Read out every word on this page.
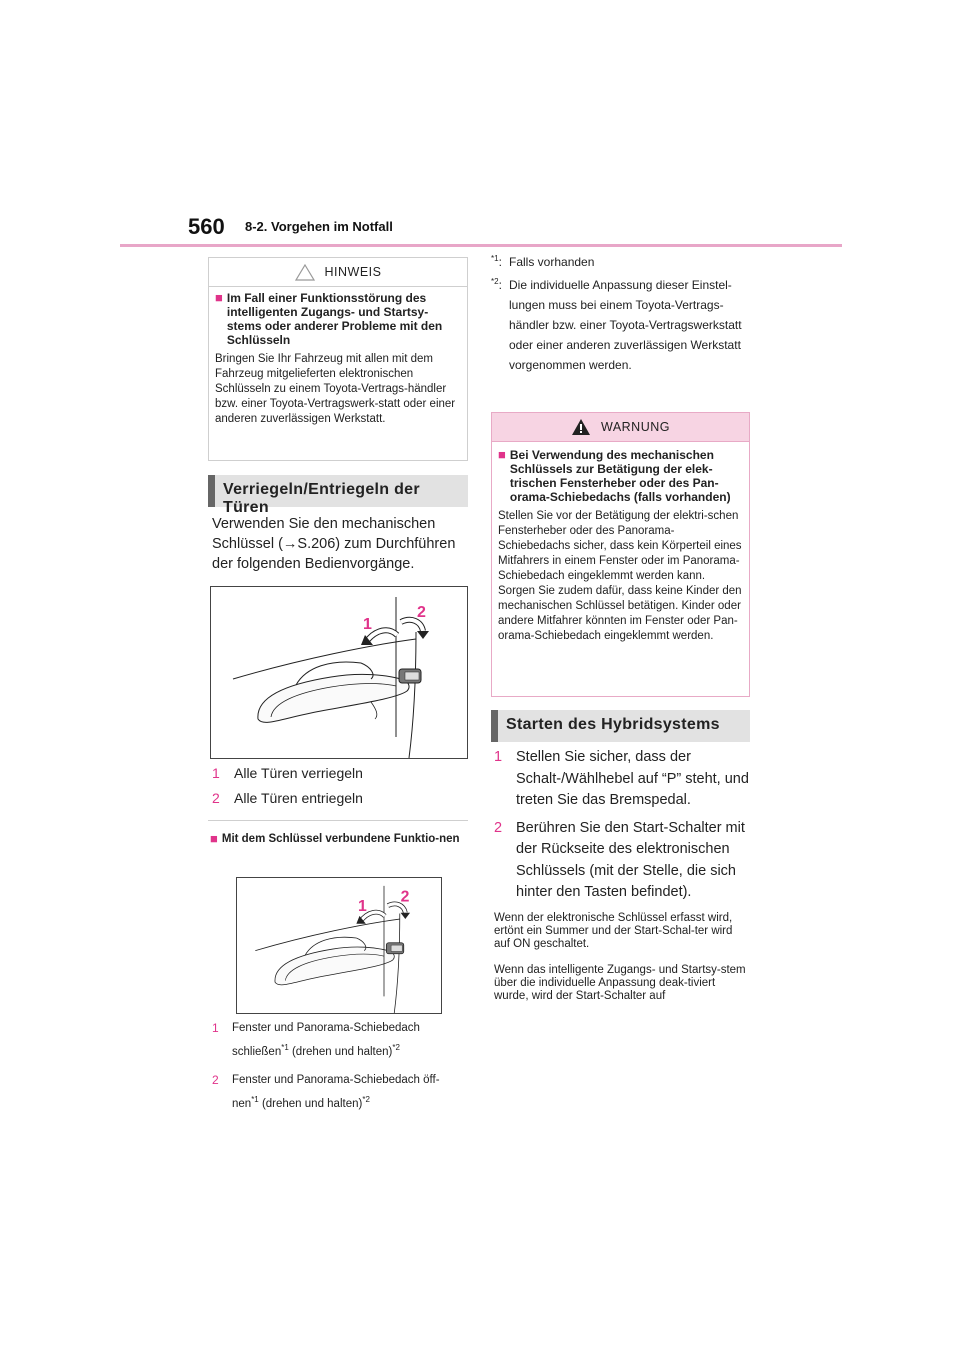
560 8-2. Vorgehen im Notfall
HINWEIS
■ Im Fall einer Funktionsstörung des intelligenten Zugangs- und Startsy-stems oder anderer Probleme mit den Schlüsseln
Bringen Sie Ihr Fahrzeug mit allen mit dem Fahrzeug mitgelieferten elektronischen Schlüsseln zu einem Toyota-Vertrags-händler bzw. einer Toyota-Vertragswerk-statt oder einer anderen zuverlässigen Werkstatt.
Verriegeln/Entriegeln der Türen
Verwenden Sie den mechanischen Schlüssel (→S.206) zum Durchführen der folgenden Bedienvorgänge.
1
2
1	Alle Türen verriegeln
2	Alle Türen entriegeln
■ Mit dem Schlüssel verbundene Funktio-nen
1
2
1	Fenster und Panorama-Schiebedach
schließen$^{*1}$ (drehen und halten)$^{*2}$
2	Fenster und Panorama-Schiebedach öff-
nen$^{*1}$ (drehen und halten)$^{*2}$
$^{*1}$: Falls vorhanden
$^{*2}$: Die individuelle Anpassung dieser Einstel-lungen muss bei einem Toyota-Vertrags-händler bzw. einer Toyota-Vertragswerkstatt oder einer anderen zuverlässigen Werkstatt vorgenommen werden.
WARNUNG
■ Bei Verwendung des mechanischen Schlüssels zur Betätigung der elek-trischen Fensterheber oder des Pan-orama-Schiebedachs (falls vorhanden)
Stellen Sie vor der Betätigung der elektri-schen Fensterheber oder des Panorama-Schiebedachs sicher, dass kein Körperteil eines Mitfahrers in einem Fenster oder im Panorama-Schiebedach eingeklemmt werden kann. Sorgen Sie zudem dafür, dass keine Kinder den mechanischen Schlüssel betätigen. Kinder oder andere Mitfahrer könnten im Fenster oder Pan-orama-Schiebedach eingeklemmt werden.
Starten des Hybridsystems
1 Stellen Sie sicher, dass der Schalt-/Wählhebel auf “P” steht, und treten Sie das Bremspedal.
2 Berühren Sie den Start-Schalter mit der Rückseite des elektronischen Schlüssels (mit der Stelle, die sich hinter den Tasten befindet).
Wenn der elektronische Schlüssel erfasst wird, ertönt ein Summer und der Start-Schal-ter wird auf ON geschaltet.
Wenn das intelligente Zugangs- und Startsy-stem über die individuelle Anpassung deak-tiviert wurde, wird der Start-Schalter auf
